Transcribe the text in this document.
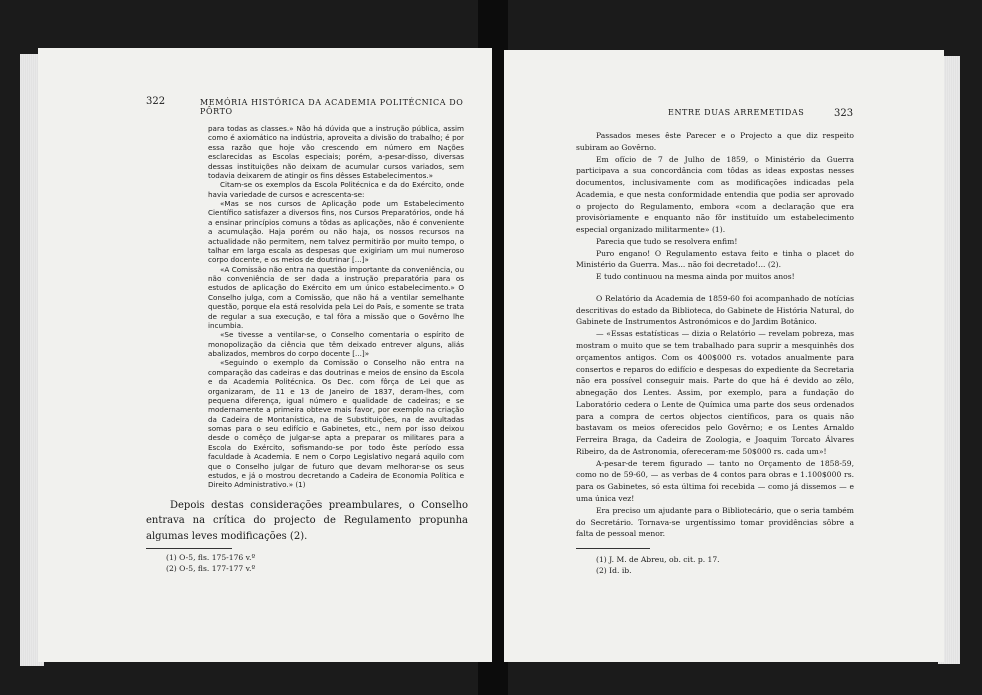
322	MEMÓRIA HISTÓRICA DA ACADEMIA POLITÉCNICA DO PÔRTO

para todas as classes.» Não há dúvida que a instrução pública, assim como é axiomático na indústria, aproveita a divisão do trabalho; é por essa razão que hoje vão crescendo em número em Nações esclarecidas as Escolas especiais; porém, a-pesar-disso, diversas dessas instituições não deixam de acumular cursos variados, sem todavia deixarem de atingir os fins dêsses Estabelecimentos.»

Citam-se os exemplos da Escola Politécnica e da do Exército, onde havia variedade de cursos e acrescenta-se:

«Mas se nos cursos de Aplicação pode um Estabelecimento Científico satisfazer a diversos fins, nos Cursos Preparatórios, onde há a ensinar princípios comuns a tôdas as aplicações, não é conveniente a acumulação. Haja porém ou não haja, os nossos recursos na actualidade não permitem, nem talvez permitirão por muito tempo, o talhar em larga escala as despesas que exigiriam um mui numeroso corpo docente, e os meios de doutrinar [...]»

«A Comissão não entra na questão importante da conveniência, ou não conveniência de ser dada a instrução preparatória para os estudos de aplicação do Exército em um único estabelecimento.» O Conselho julga, com a Comissão, que não há a ventilar semelhante questão, porque ela está resolvida pela Lei do País, e somente se trata de regular a sua execução, e tal fôra a missão que o Govêrno lhe incumbia.

«Se tivesse a ventilar-se, o Conselho comentaria o espírito de monopolização da ciência que têm deixado entrever alguns, aliás abalizados, membros do corpo docente [...]»

«Seguindo o exemplo da Comissão o Conselho não entra na comparação das cadeiras e das doutrinas e meios de ensino da Escola e da Academia Politécnica. Os Dec. com fôrça de Lei que as organizaram, de 11 e 13 de Janeiro de 1837, deram-lhes, com pequena diferença, igual número e qualidade de cadeiras; e se modernamente a primeira obteve mais favor, por exemplo na criação da Cadeira de Montanística, na de Substituições, na de avultadas somas para o seu edifício e Gabinetes, etc., nem por isso deixou desde o comêço de julgar-se apta a preparar os militares para a Escola do Exército, sofismando-se por todo êste período essa faculdade à Academia. E nem o Corpo Legislativo negará aquilo com que o Conselho julgar de futuro que devam melhorar-se os seus estudos, e já o mostrou decretando a Cadeira de Economia Política e Direito Administrativo.» (1)

Depois destas considerações preambulares, o Conselho entrava na crítica do projecto de Regulamento propunha algumas leves modificações (2).

(1) O-5, fls. 175-176 v.º
(2) O-5, fls. 177-177 v.º
ENTRE DUAS ARREMETIDAS	323

Passados meses êste Parecer e o Projecto a que diz respeito subiram ao Govêrno.

Em ofício de 7 de Julho de 1859, o Ministério da Guerra participava a sua concordância com tôdas as ideas expostas nesses documentos, inclusivamente com as modificações indicadas pela Academia, e que nesta conformidade entendia que podia ser aprovado o projecto do Regulamento, embora «com a declaração que era provisòriamente e enquanto não fôr instituído um estabelecimento especial organizado militarmente» (1).

Parecia que tudo se resolvera enfim!

Puro engano! O Regulamento estava feito e tinha o placet do Ministério da Guerra. Mas... não foi decretado!... (2).

E tudo continuou na mesma ainda por muitos anos!

O Relatório da Academia de 1859-60 foi acompanhado de notícias descritivas do estado da Biblioteca, do Gabinete de História Natural, do Gabinete de Instrumentos Astronómicos e do Jardim Botânico.

— «Essas estatísticas — dizia o Relatório — revelam pobreza, mas mostram o muito que se tem trabalhado para suprir a mesquinhês dos orçamentos antigos. Com os 400$000 rs. votados anualmente para consertos e reparos do edifício e despesas do expediente da Secretaria não era possível conseguir mais. Parte do que há é devido ao zêlo, abnegação dos Lentes. Assim, por exemplo, para a fundação do Laboratório cedera o Lente de Química uma parte dos seus ordenados para a compra de certos objectos científicos, para os quais não bastavam os meios oferecidos pelo Govêrno; e os Lentes Arnaldo Ferreira Braga, da Cadeira de Zoologia, e Joaquim Torcato Álvares Ribeiro, da de Astronomia, ofereceram-me 50$000 rs. cada um»!

A-pesar-de terem figurado — tanto no Orçamento de 1858-59, como no de 59-60, — as verbas de 4 contos para obras e 1.100$000 rs. para os Gabinetes, só esta última foi recebida — como já dissemos — e uma única vez!

Era preciso um ajudante para o Bibliotecário, que o seria também do Secretário. Tornava-se urgentíssimo tomar providências sôbre a falta de pessoal menor.

(1) J. M. de Abreu, ob. cit. p. 17.
(2) Id. ib.
